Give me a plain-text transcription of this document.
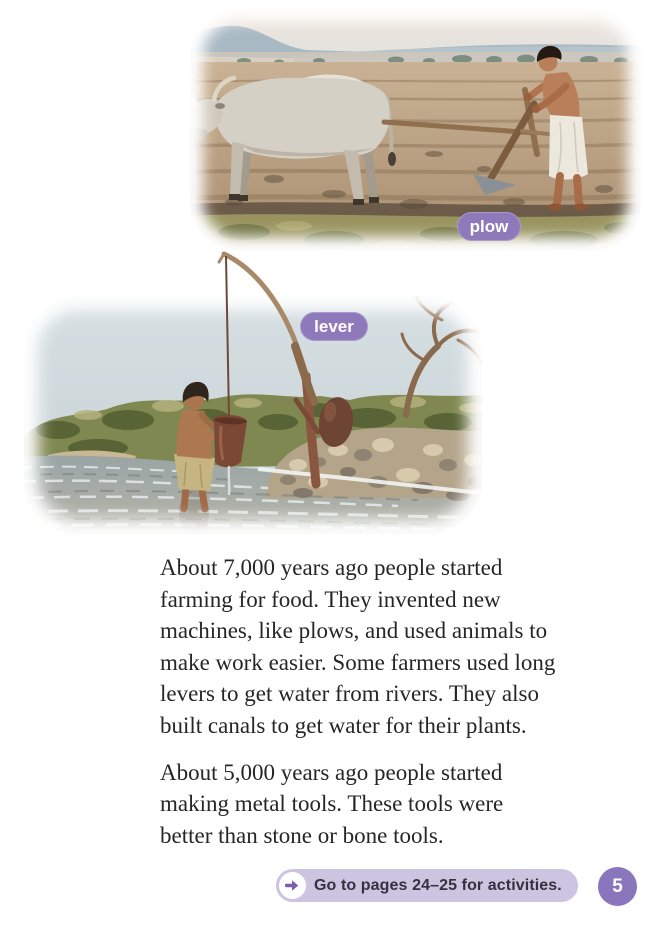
plow
lever
About 7,000 years ago people started
farming for food. They invented new
machines, like plows, and used animals to
make work easier. Some farmers used long
levers to get water from rivers. They also
built canals to get water for their plants.
About 5,000 years ago people started
making metal tools. These tools were
better than stone or bone tools.
Go to pages 24–25 for activities.	5
